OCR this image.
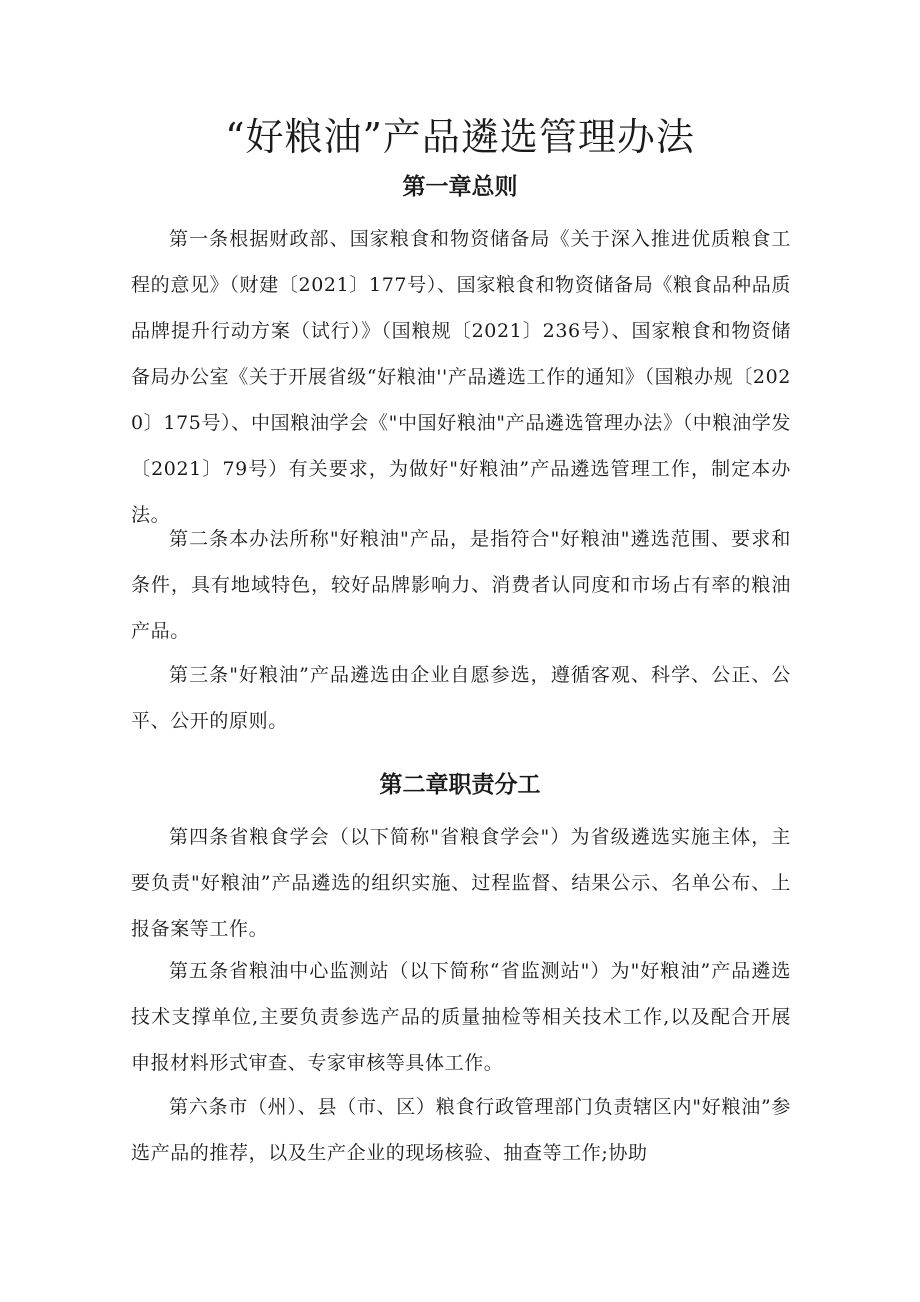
“好粮油”产品遴选管理办法
第一章总则

第一条根据财政部、国家粮食和物资储备局《关于深入推进优质粮食工程的意见》（财建〔2021〕177号）、国家粮食和物资储备局《粮食品种品质品牌提升行动方案（试行）》（国粮规〔2021〕236号）、国家粮食和物资储备局办公室《关于开展省级“好粮油''产品遴选工作的通知》（国粮办规〔2020〕175号）、中国粮油学会《"中国好粮油"产品遴选管理办法》（中粮油学发〔2021〕79号）有关要求，为做好"好粮油”产品遴选管理工作，制定本办法。

第二条本办法所称"好粮油"产品，是指符合"好粮油"遴选范围、要求和条件，具有地域特色，较好品牌影响力、消费者认同度和市场占有率的粮油产品。

第三条"好粮油”产品遴选由企业自愿参选，遵循客观、科学、公正、公平、公开的原则。

第二章职责分工

第四条省粮食学会（以下简称"省粮食学会"）为省级遴选实施主体，主要负责"好粮油”产品遴选的组织实施、过程监督、结果公示、名单公布、上报备案等工作。

第五条省粮油中心监测站（以下简称“省监测站"）为"好粮油”产品遴选技术支撑单位,主要负责参选产品的质量抽检等相关技术工作,以及配合开展申报材料形式审查、专家审核等具体工作。

第六条市（州）、县（市、区）粮食行政管理部门负责辖区内"好粮油”参选产品的推荐，以及生产企业的现场核验、抽查等工作;协助
